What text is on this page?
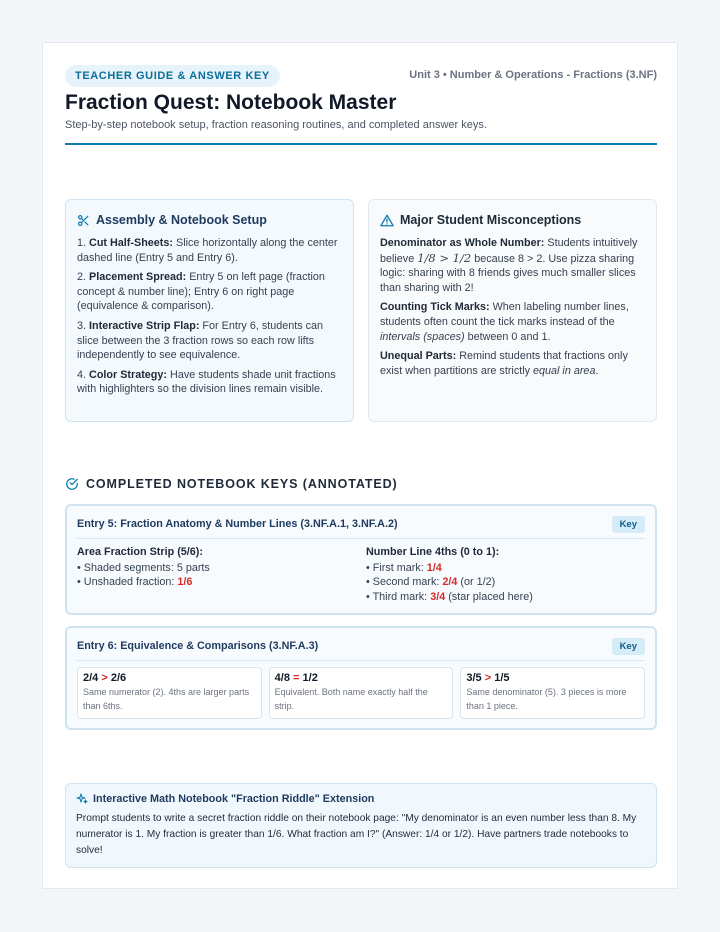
TEACHER GUIDE & ANSWER KEY	Unit 3 • Number & Operations - Fractions (3.NF)
Fraction Quest: Notebook Master
Step-by-step notebook setup, fraction reasoning routines, and completed answer keys.
Assembly & Notebook Setup

1. Cut Half-Sheets: Slice horizontally along the center dashed line (Entry 5 and Entry 6).

2. Placement Spread: Entry 5 on left page (fraction concept & number line); Entry 6 on right page (equivalence & comparison).

3. Interactive Strip Flap: For Entry 6, students can slice between the 3 fraction rows so each row lifts independently to see equivalence.

4. Color Strategy: Have students shade unit fractions with highlighters so the division lines remain visible.

Major Student Misconceptions

Denominator as Whole Number: Students intuitively believe 1/8 > 1/2 because 8 > 2. Use pizza sharing logic: sharing with 8 friends gives much smaller slices than sharing with 2!

Counting Tick Marks: When labeling number lines, students often count the tick marks instead of the intervals (spaces) between 0 and 1.

Unequal Parts: Remind students that fractions only exist when partitions are strictly equal in area.

COMPLETED NOTEBOOK KEYS (ANNOTATED)
Entry 5: Fraction Anatomy & Number Lines (3.NF.A.1, 3.NF.A.2)	Key
Area Fraction Strip (5/6):
• Shaded segments: 5 parts
• Unshaded fraction: 1/6
Number Line 4ths (0 to 1):
• First mark: 1/4
• Second mark: 2/4 (or 1/2)
• Third mark: 3/4 (star placed here)
Entry 6: Equivalence & Comparisons (3.NF.A.3)	Key
2/4 > 2/6
Same numerator (2). 4ths are larger parts than 6ths.
4/8 = 1/2
Equivalent. Both name exactly half the strip.
3/5 > 1/5
Same denominator (5). 3 pieces is more than 1 piece.
Interactive Math Notebook "Fraction Riddle" Extension
Prompt students to write a secret fraction riddle on their notebook page: "My denominator is an even number less than 8. My numerator is 1. My fraction is greater than 1/6. What fraction am I?" (Answer: 1/4 or 1/2). Have partners trade notebooks to solve!
